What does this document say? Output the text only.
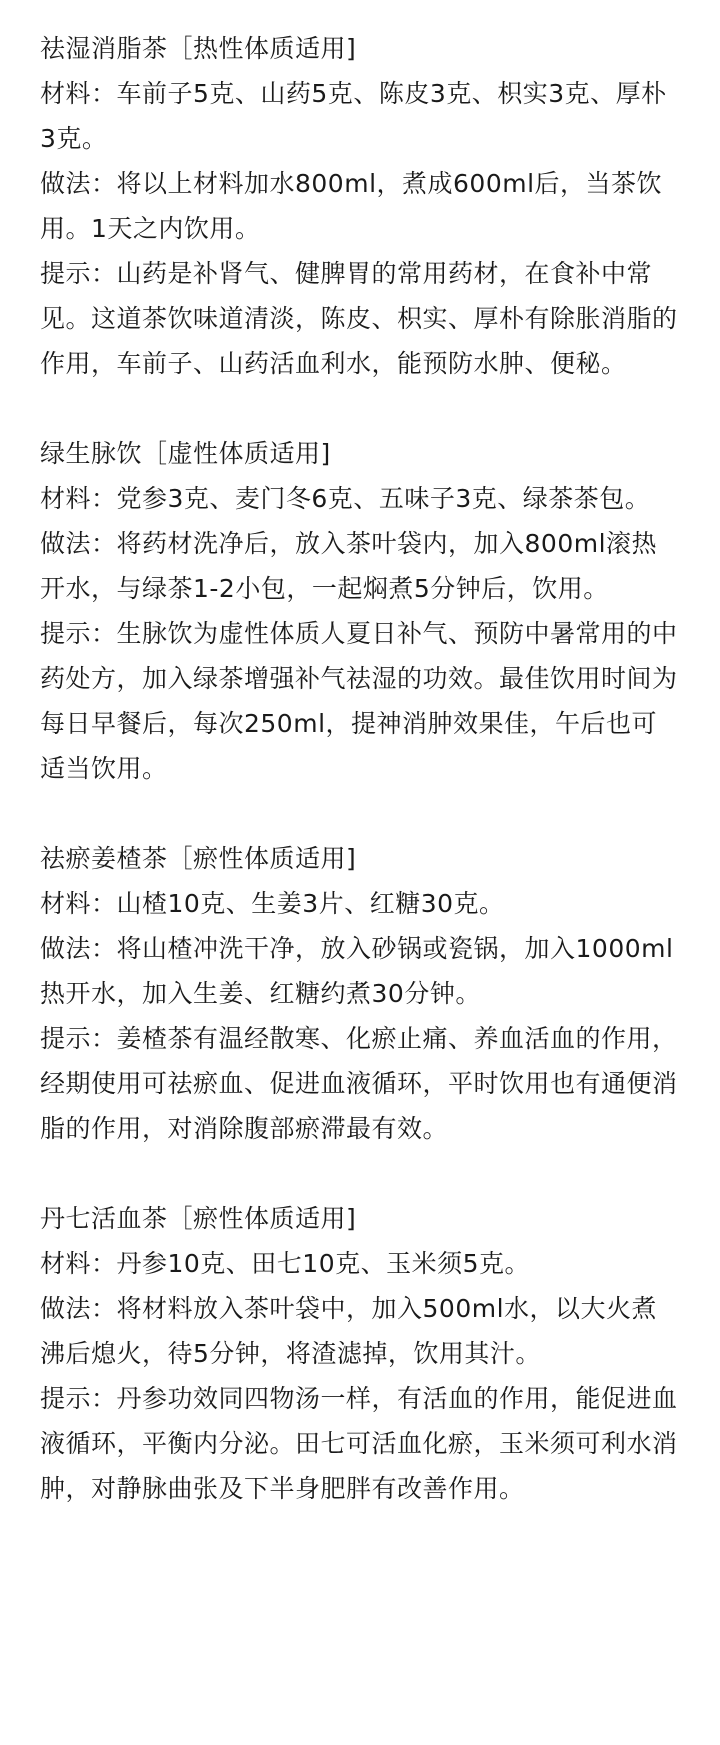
祛湿消脂茶［热性体质适用]

材料：车前子5克、山药5克、陈皮3克、枳实3克、厚朴3克。

做法：将以上材料加水800ml，煮成600ml后，当茶饮用。1天之内饮用。

提示：山药是补肾气、健脾胃的常用药材，在食补中常见。这道茶饮味道清淡，陈皮、枳实、厚朴有除胀消脂的作用，车前子、山药活血利水，能预防水肿、便秘。

绿生脉饮［虚性体质适用]

材料：党参3克、麦门冬6克、五味子3克、绿茶茶包。

做法：将药材洗净后，放入茶叶袋内，加入800ml滚热开水，与绿茶1-2小包，一起焖煮5分钟后，饮用。

提示：生脉饮为虚性体质人夏日补气、预防中暑常用的中药处方，加入绿茶增强补气祛湿的功效。最佳饮用时间为每日早餐后，每次250ml，提神消肿效果佳，午后也可适当饮用。

祛瘀姜楂茶［瘀性体质适用]

材料：山楂10克、生姜3片、红糖30克。

做法：将山楂冲洗干净，放入砂锅或瓷锅，加入1000ml热开水，加入生姜、红糖约煮30分钟。

提示：姜楂茶有温经散寒、化瘀止痛、养血活血的作用，经期使用可祛瘀血、促进血液循环，平时饮用也有通便消脂的作用，对消除腹部瘀滞最有效。

丹七活血茶［瘀性体质适用]

材料：丹参10克、田七10克、玉米须5克。

做法：将材料放入茶叶袋中，加入500ml水，以大火煮沸后熄火，待5分钟，将渣滤掉，饮用其汁。

提示：丹参功效同四物汤一样，有活血的作用，能促进血液循环，平衡内分泌。田七可活血化瘀，玉米须可利水消肿，对静脉曲张及下半身肥胖有改善作用。
